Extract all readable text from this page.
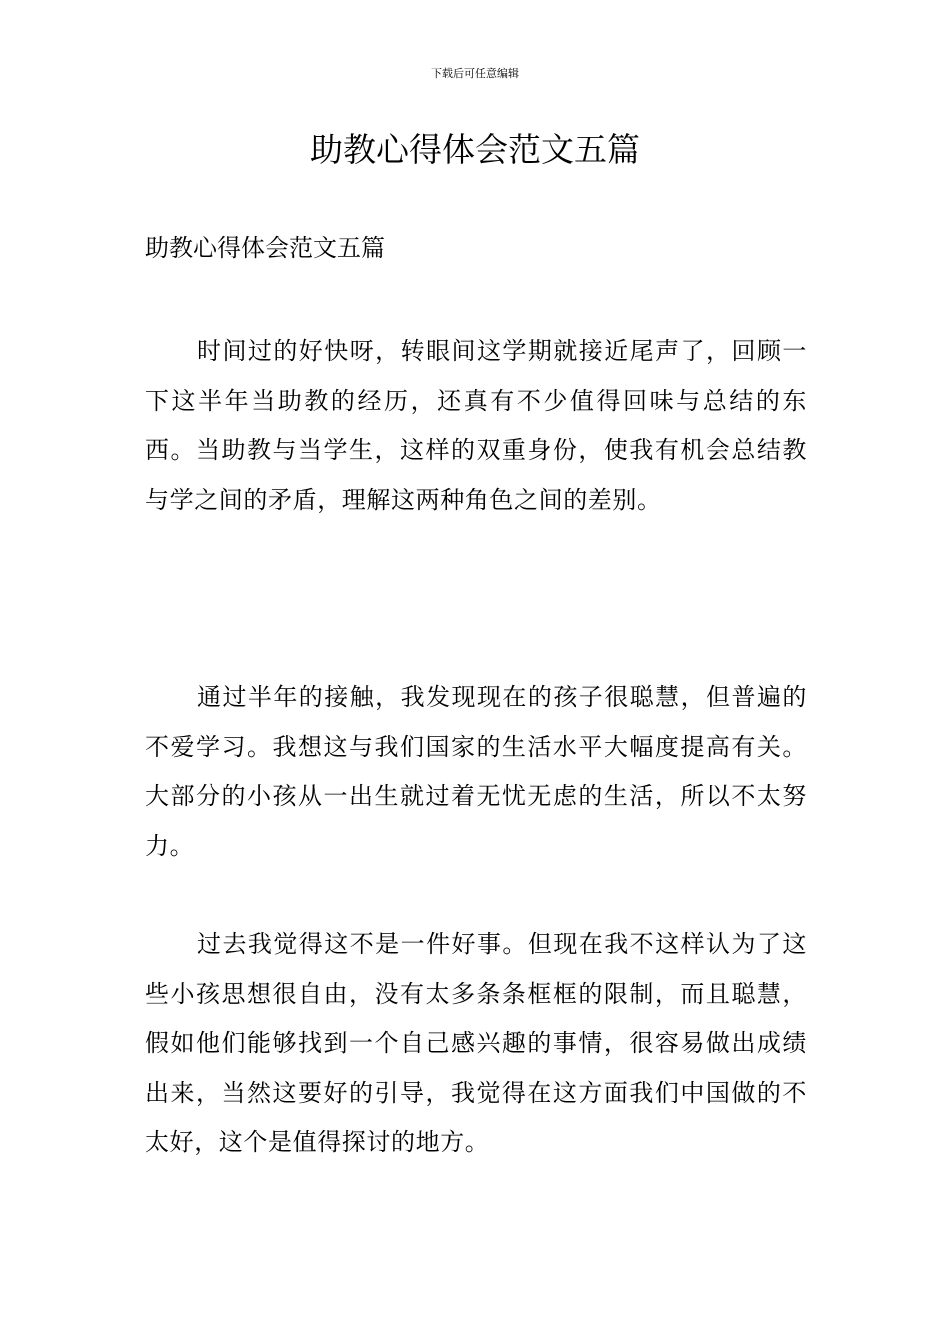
下载后可任意编辑
助教心得体会范文五篇
助教心得体会范文五篇

时间过的好快呀，转眼间这学期就接近尾声了，回顾一下这半年当助教的经历，还真有不少值得回味与总结的东西。当助教与当学生，这样的双重身份，使我有机会总结教与学之间的矛盾，理解这两种角色之间的差别。

通过半年的接触，我发现现在的孩子很聪慧，但普遍的不爱学习。我想这与我们国家的生活水平大幅度提高有关。大部分的小孩从一出生就过着无忧无虑的生活，所以不太努力。

过去我觉得这不是一件好事。但现在我不这样认为了这些小孩思想很自由，没有太多条条框框的限制，而且聪慧，假如他们能够找到一个自己感兴趣的事情，很容易做出成绩出来，当然这要好的引导，我觉得在这方面我们中国做的不太好，这个是值得探讨的地方。
